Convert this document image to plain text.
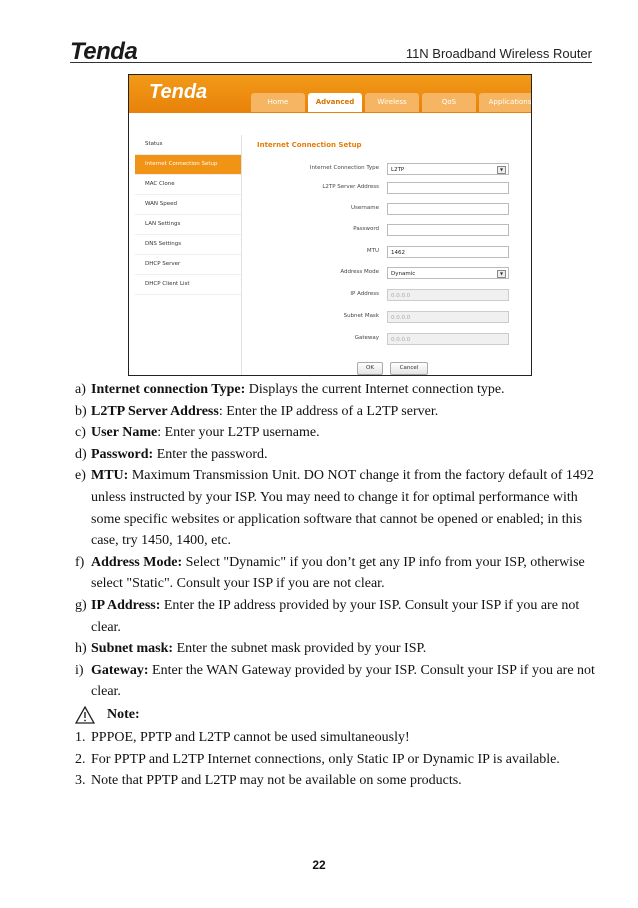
Tenda	11N Broadband Wireless Router
Tenda	Home	Advanced	Wireless	QoS	Applications
Status
Internet Connection Setup
MAC Clone
WAN Speed
LAN Settings
DNS Settings
DHCP Server
DHCP Client List
Internet Connection Setup
Internet Connection Type	L2TP	▼
L2TP Server Address
Username
Password
MTU	1462
Address Mode	Dynamic	▼
IP Address	0.0.0.0
Subnet Mask	0.0.0.0
Gateway	0.0.0.0
OK	Cancel
a) Internet connection Type: Displays the current Internet connection type.
b) L2TP Server Address: Enter the IP address of a L2TP server.
c) User Name: Enter your L2TP username.
d) Password: Enter the password.
e) MTU: Maximum Transmission Unit. DO NOT change it from the factory default of 1492 unless instructed by your ISP. You may need to change it for optimal performance with some specific websites or application software that cannot be opened or enabled; in this case, try 1450, 1400, etc.
f) Address Mode: Select "Dynamic" if you don’t get any IP info from your ISP, otherwise select "Static". Consult your ISP if you are not clear.
g) IP Address: Enter the IP address provided by your ISP. Consult your ISP if you are not clear.
h) Subnet mask: Enter the subnet mask provided by your ISP.
i) Gateway: Enter the WAN Gateway provided by your ISP. Consult your ISP if you are not clear.
Note:
1. PPPOE, PPTP and L2TP cannot be used simultaneously!
2. For PPTP and L2TP Internet connections, only Static IP or Dynamic IP is available.
3. Note that PPTP and L2TP may not be available on some products.
22
